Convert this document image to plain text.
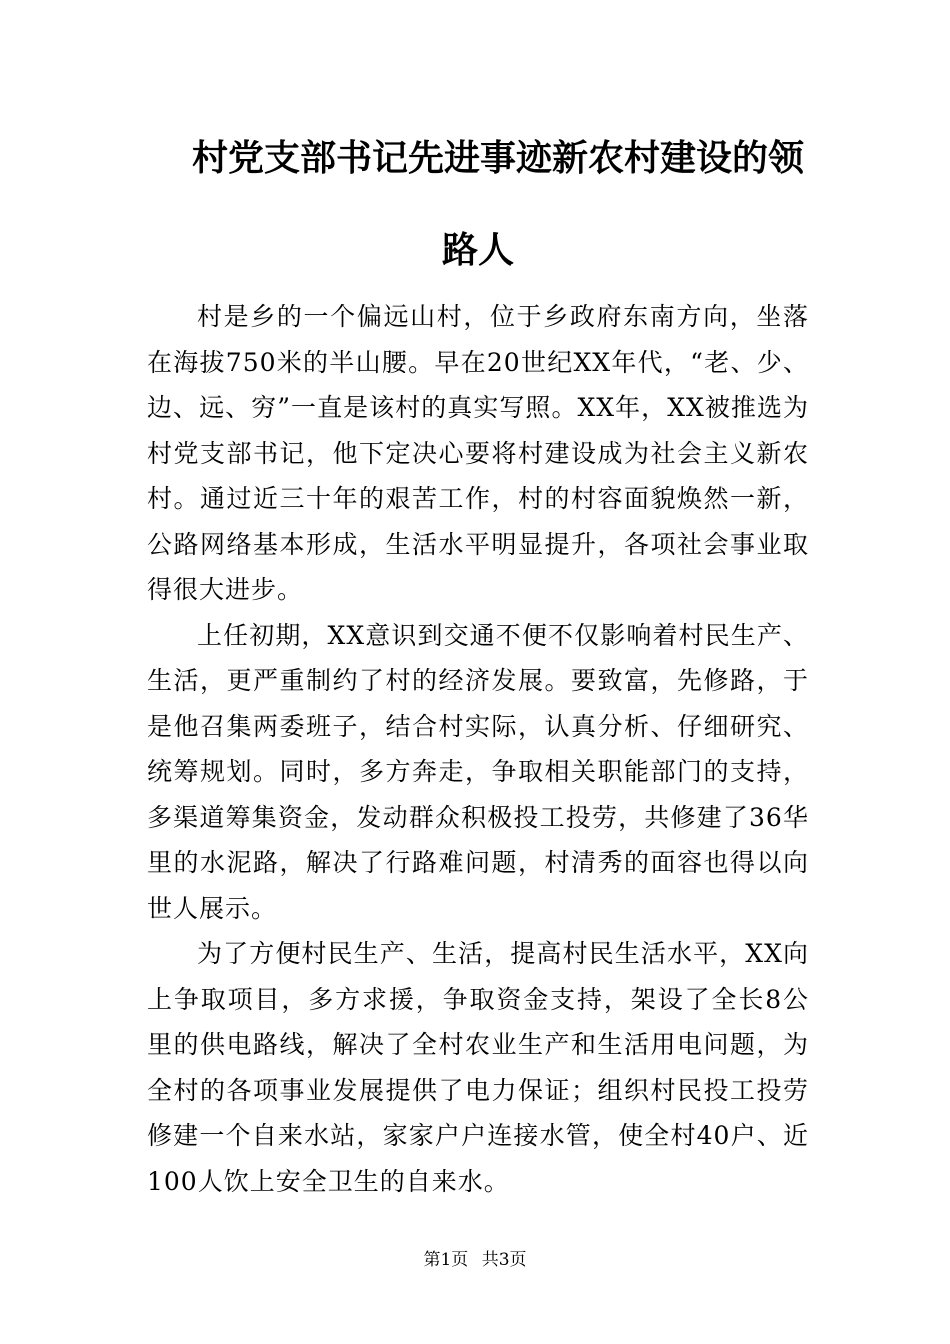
村党支部书记先进事迹新农村建设的领
路人

村是乡的一个偏远山村，位于乡政府东南方向，坐落在海拔750米的半山腰。早在20世纪XX年代，“老、少、边、远、穷”一直是该村的真实写照。XX年，XX被推选为村党支部书记，他下定决心要将村建设成为社会主义新农村。通过近三十年的艰苦工作，村的村容面貌焕然一新，公路网络基本形成，生活水平明显提升，各项社会事业取得很大进步。

上任初期，XX意识到交通不便不仅影响着村民生产、生活，更严重制约了村的经济发展。要致富，先修路，于是他召集两委班子，结合村实际，认真分析、仔细研究、统筹规划。同时，多方奔走，争取相关职能部门的支持，多渠道筹集资金，发动群众积极投工投劳，共修建了36华里的水泥路，解决了行路难问题，村清秀的面容也得以向世人展示。

为了方便村民生产、生活，提高村民生活水平，XX向上争取项目，多方求援，争取资金支持，架设了全长8公里的供电路线，解决了全村农业生产和生活用电问题，为全村的各项事业发展提供了电力保证；组织村民投工投劳修建一个自来水站，家家户户连接水管，使全村40户、近100人饮上安全卫生的自来水。

第1页 共3页
